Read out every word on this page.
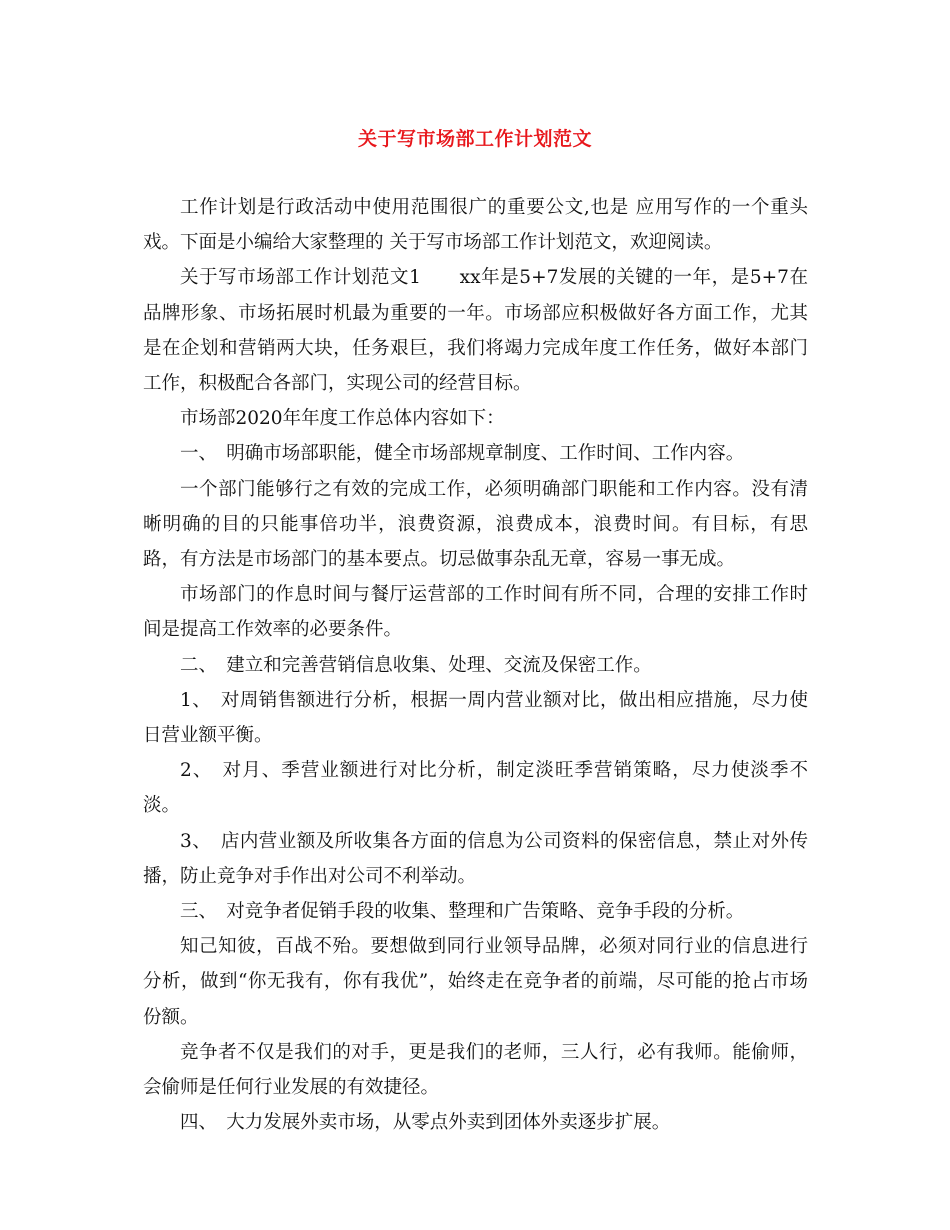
关于写市场部工作计划范文

工作计划是行政活动中使用范围很广的重要公文,也是 应用写作的一个重头戏。下面是小编给大家整理的 关于写市场部工作计划范文，欢迎阅读。

关于写市场部工作计划范文1　　xx年是5+7发展的关键的一年，是5+7在品牌形象、市场拓展时机最为重要的一年。市场部应积极做好各方面工作，尤其是在企划和营销两大块，任务艰巨，我们将竭力完成年度工作任务，做好本部门工作，积极配合各部门，实现公司的经营目标。

市场部2020年年度工作总体内容如下：

一、　明确市场部职能，健全市场部规章制度、工作时间、工作内容。

一个部门能够行之有效的完成工作，必须明确部门职能和工作内容。没有清晰明确的目的只能事倍功半，浪费资源，浪费成本，浪费时间。有目标，有思路，有方法是市场部门的基本要点。切忌做事杂乱无章，容易一事无成。

市场部门的作息时间与餐厅运营部的工作时间有所不同，合理的安排工作时间是提高工作效率的必要条件。

二、　建立和完善营销信息收集、处理、交流及保密工作。

1、　对周销售额进行分析，根据一周内营业额对比，做出相应措施，尽力使日营业额平衡。

2、　对月、季营业额进行对比分析，制定淡旺季营销策略，尽力使淡季不淡。

3、　店内营业额及所收集各方面的信息为公司资料的保密信息，禁止对外传播，防止竞争对手作出对公司不利举动。

三、　对竞争者促销手段的收集、整理和广告策略、竞争手段的分析。

知己知彼，百战不殆。要想做到同行业领导品牌，必须对同行业的信息进行分析，做到“你无我有，你有我优”，始终走在竞争者的前端，尽可能的抢占市场份额。

竞争者不仅是我们的对手，更是我们的老师，三人行，必有我师。能偷师，会偷师是任何行业发展的有效捷径。

四、　大力发展外卖市场，从零点外卖到团体外卖逐步扩展。
